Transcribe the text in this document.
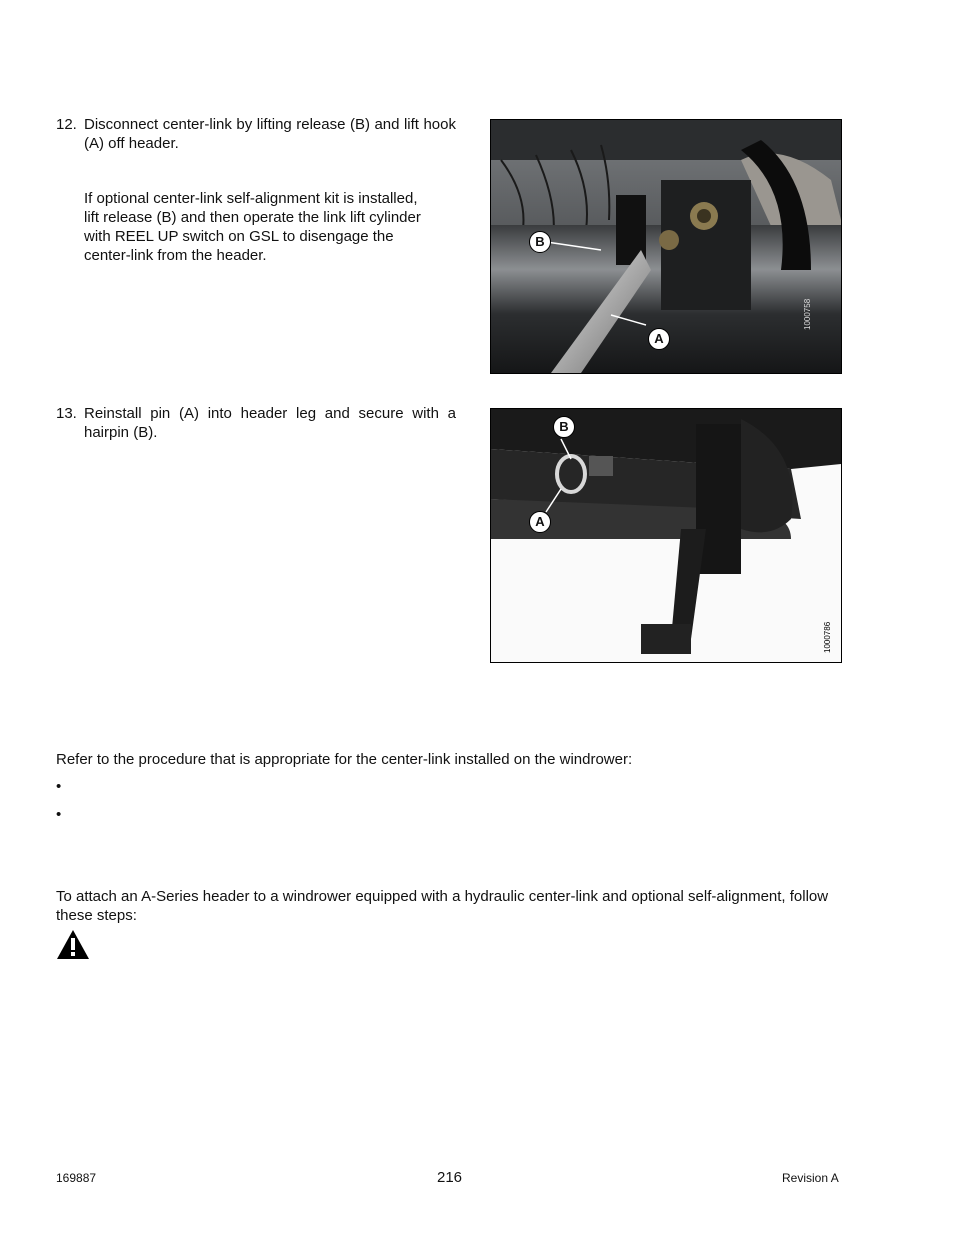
12. Disconnect center-link by lifting release (B) and lift hook (A) off header.
If optional center-link self-alignment kit is installed, lift release (B) and then operate the link lift cylinder with REEL UP switch on GSL to disengage the center-link from the header.
B
A
1000758
13. Reinstall pin (A) into header leg and secure with a hairpin (B).	B
A
1000786
Refer to the procedure that is appropriate for the center-link installed on the windrower:
•
•
To attach an A-Series header to a windrower equipped with a hydraulic center-link and optional self-alignment, follow these steps:
169887	216	Revision A
